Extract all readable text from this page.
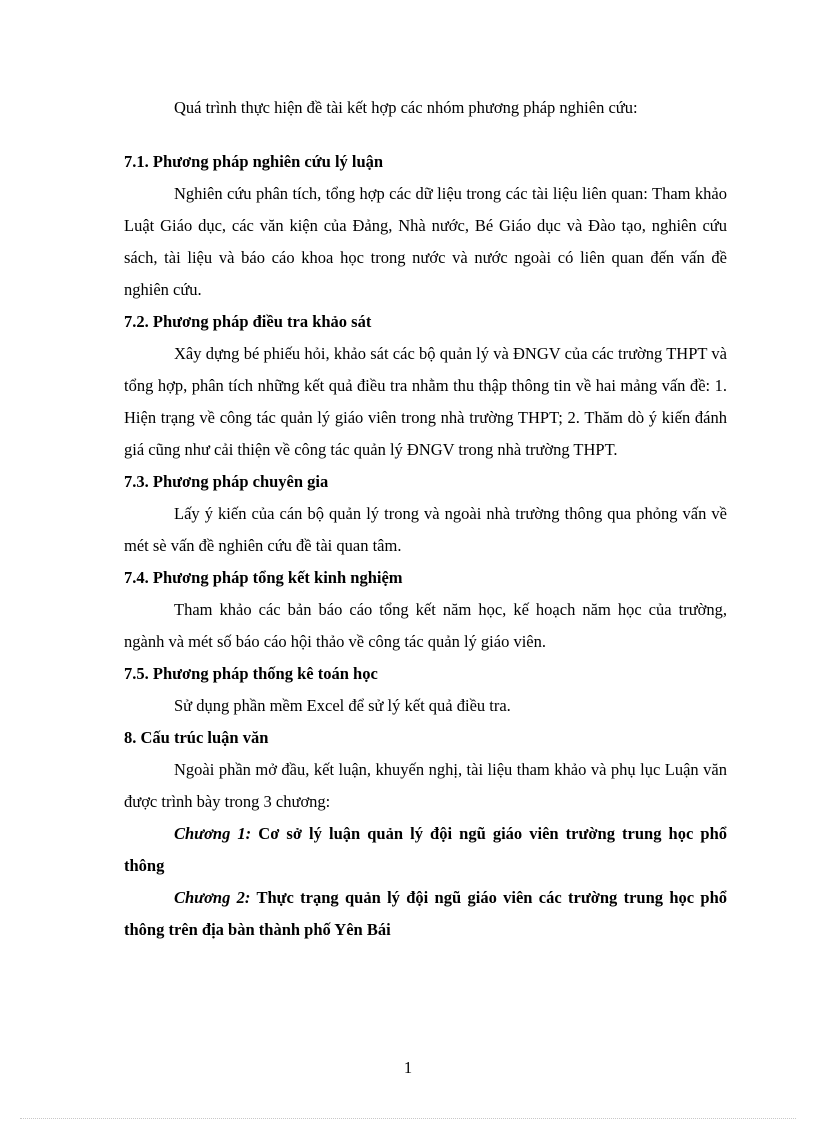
Quá trình thực hiện đề tài kết hợp các nhóm phương pháp nghiên cứu:

7.1. Phương pháp nghiên cứu lý luận

Nghiên cứu phân tích, tổng hợp các dữ liệu trong các tài liệu liên quan: Tham khảo Luật Giáo dục, các văn kiện của Đảng, Nhà nước, Bé Giáo dục và Đào tạo, nghiên cứu sách, tài liệu và báo cáo khoa học trong nước và nước ngoài có liên quan đến vấn đề nghiên cứu.

7.2. Phương pháp điều tra khảo sát

Xây dựng bé phiếu hỏi, khảo sát các bộ quản lý và ĐNGV của các trường THPT và tổng hợp, phân tích những kết quả điều tra nhằm thu thập thông tin về hai mảng vấn đề: 1. Hiện trạng về công tác quản lý giáo viên trong nhà trường THPT; 2. Thăm dò ý kiến đánh giá cũng như cải thiện về công tác quản lý ĐNGV trong nhà trường THPT.

7.3. Phương pháp chuyên gia

Lấy ý kiến của cán bộ quản lý trong và ngoài nhà trường thông qua phỏng vấn về mét sè vấn đề nghiên cứu đề tài quan tâm.

7.4. Phương pháp tổng kết kinh nghiệm

Tham khảo các bản báo cáo tổng kết năm học, kế hoạch năm học của trường, ngành và mét số báo cáo hội thảo về công tác quản lý giáo viên.

7.5. Phương pháp thống kê toán học

Sử dụng phần mềm Excel để sử lý kết quả điều tra.

8. Cấu trúc luận văn

Ngoài phần mở đầu, kết luận, khuyến nghị, tài liệu tham khảo và phụ lục Luận văn được trình bày trong 3 chương:

Chương 1: Cơ sở lý luận quản lý đội ngũ giáo viên trường trung học phổ thông

Chương 2: Thực trạng quản lý đội ngũ giáo viên các trường trung học phổ thông trên địa bàn thành phố Yên Bái

1
